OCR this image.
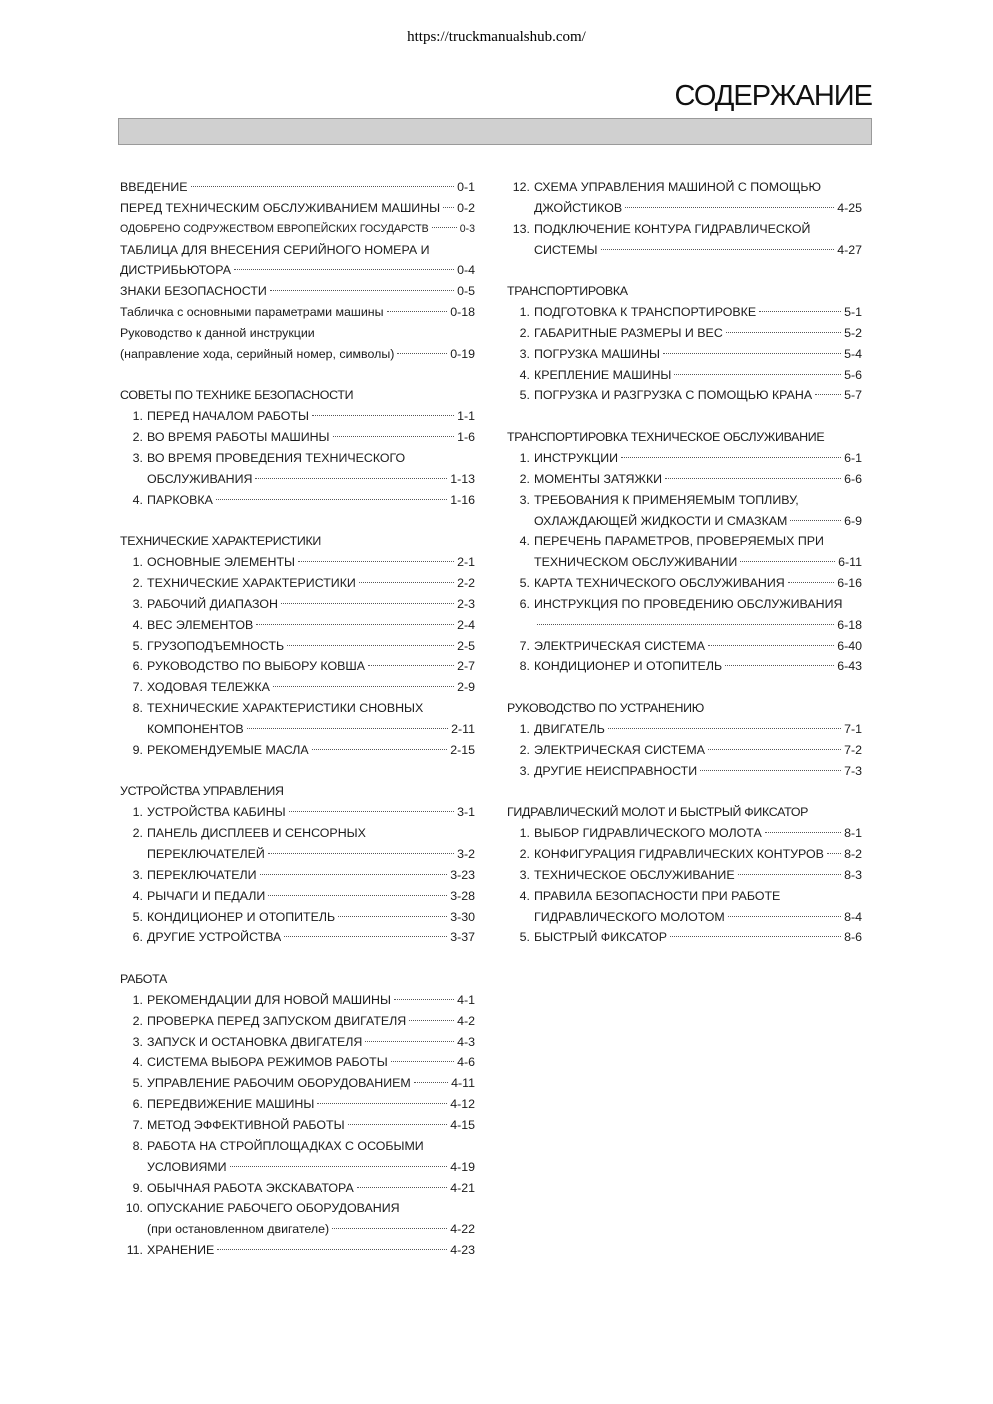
https://truckmanualshub.com/
СОДЕРЖАНИЕ
ВВЕДЕНИЕ	0-1
ПЕРЕД ТЕХНИЧЕСКИМ ОБСЛУЖИВАНИЕМ МАШИНЫ 0-2
ОДОБРЕНО СОДРУЖЕСТВОМ ЕВРОПЕЙСКИХ ГОСУДАРСТВ	0-3
ТАБЛИЦА ДЛЯ ВНЕСЕНИЯ СЕРИЙНОГО НОМЕРА И
ДИСТРИБЬЮТОРА	0-4
ЗНАКИ БЕЗОПАСНОСТИ	0-5
Табличка с основными параметрами машины	0-18
Руководство к данной инструкции
(направление хода, серийный номер, символы)	0-19
СОВЕТЫ ПО ТЕХНИКЕ БЕЗОПАСНОСТИ
1. ПЕРЕД НАЧАЛОМ РАБОТЫ	1-1
2. ВО ВРЕМЯ РАБОТЫ МАШИНЫ	1-6
3. ВО ВРЕМЯ ПРОВЕДЕНИЯ ТЕХНИЧЕСКОГО
ОБСЛУЖИВАНИЯ	1-13
4. ПАРКОВКА	1-16
ТЕХНИЧЕСКИЕ ХАРАКТЕРИСТИКИ
1. ОСНОВНЫЕ ЭЛЕМЕНТЫ	2-1
2. ТЕХНИЧЕСКИЕ ХАРАКТЕРИСТИКИ	2-2
3. РАБОЧИЙ ДИАПАЗОН	2-3
4. ВЕС ЭЛЕМЕНТОВ	2-4
5. ГРУЗОПОДЪЕМНОСТЬ	2-5
6. РУКОВОДСТВО ПО ВЫБОРУ КОВША	2-7
7. ХОДОВАЯ ТЕЛЕЖКА	2-9
8. ТЕХНИЧЕСКИЕ ХАРАКТЕРИСТИКИ СНОВНЫХ
КОМПОНЕНТОВ	2-11
9. РЕКОМЕНДУЕМЫЕ МАСЛА	2-15
УСТРОЙСТВА УПРАВЛЕНИЯ
1. УСТРОЙСТВА КАБИНЫ	3-1
2. ПАНЕЛЬ ДИСПЛЕЕВ И СЕНСОРНЫХ
ПЕРЕКЛЮЧАТЕЛЕЙ	3-2
3. ПЕРЕКЛЮЧАТЕЛИ	3-23
4. РЫЧАГИ И ПЕДАЛИ	3-28
5. КОНДИЦИОНЕР И ОТОПИТЕЛЬ	3-30
6. ДРУГИЕ УСТРОЙСТВА	3-37
РАБОТА
1. РЕКОМЕНДАЦИИ ДЛЯ НОВОЙ МАШИНЫ	4-1
2. ПРОВЕРКА ПЕРЕД ЗАПУСКОМ ДВИГАТЕЛЯ	4-2
3. ЗАПУСК И ОСТАНОВКА ДВИГАТЕЛЯ	4-3
4. СИСТЕМА ВЫБОРА РЕЖИМОВ РАБОТЫ	4-6
5. УПРАВЛЕНИЕ РАБОЧИМ ОБОРУДОВАНИЕМ	4-11
6. ПЕРЕДВИЖЕНИЕ МАШИНЫ	4-12
7. МЕТОД ЭФФЕКТИВНОЙ РАБОТЫ	4-15
8. РАБОТА НА СТРОЙПЛОЩАДКАХ С ОСОБЫМИ
УСЛОВИЯМИ	4-19
9. ОБЫЧНАЯ РАБОТА ЭКСКАВАТОРА	4-21
10. ОПУСКАНИЕ РАБОЧЕГО ОБОРУДОВАНИЯ
(при остановленном двигателе)	4-22
11. ХРАНЕНИЕ	4-23
12. СХЕМА УПРАВЛЕНИЯ МАШИНОЙ С ПОМОЩЬЮ
ДЖОЙСТИКОВ	4-25
13. ПОДКЛЮЧЕНИЕ КОНТУРА ГИДРАВЛИЧЕСКОЙ
СИСТЕМЫ	4-27
ТРАНСПОРТИРОВКА
1. ПОДГОТОВКА К ТРАНСПОРТИРОВКЕ	5-1
2. ГАБАРИТНЫЕ РАЗМЕРЫ И ВЕС	5-2
3. ПОГРУЗКА МАШИНЫ	5-4
4. КРЕПЛЕНИЕ МАШИНЫ	5-6
5. ПОГРУЗКА И РАЗГРУЗКА С ПОМОЩЬЮ КРАНА	5-7
ТРАНСПОРТИРОВКА ТЕХНИЧЕСКОЕ ОБСЛУЖИВАНИЕ
1. ИНСТРУКЦИИ	6-1
2. МОМЕНТЫ ЗАТЯЖКИ	6-6
3. ТРЕБОВАНИЯ К ПРИМЕНЯЕМЫМ ТОПЛИВУ,
ОХЛАЖДАЮЩЕЙ ЖИДКОСТИ И СМАЗКАМ	6-9
4. ПЕРЕЧЕНЬ ПАРАМЕТРОВ, ПРОВЕРЯЕМЫХ ПРИ
ТЕХНИЧЕСКОМ ОБСЛУЖИВАНИИ	6-11
5. КАРТА ТЕХНИЧЕСКОГО ОБСЛУЖИВАНИЯ	6-16
6. ИНСТРУКЦИЯ ПО ПРОВЕДЕНИЮ ОБСЛУЖИВАНИЯ
6-18
7. ЭЛЕКТРИЧЕСКАЯ СИСТЕМА	6-40
8. КОНДИЦИОНЕР И ОТОПИТЕЛЬ	6-43
РУКОВОДСТВО ПО УСТРАНЕНИЮ
1. ДВИГАТЕЛЬ	7-1
2. ЭЛЕКТРИЧЕСКАЯ СИСТЕМА	7-2
3. ДРУГИЕ НЕИСПРАВНОСТИ	7-3
ГИДРАВЛИЧЕСКИЙ МОЛОТ И БЫСТРЫЙ ФИКСАТОР
1. ВЫБОР ГИДРАВЛИЧЕСКОГО МОЛОТА	8-1
2. КОНФИГУРАЦИЯ ГИДРАВЛИЧЕСКИХ КОНТУРОВ 8-2
3. ТЕХНИЧЕСКОЕ ОБСЛУЖИВАНИЕ	8-3
4. ПРАВИЛА БЕЗОПАСНОСТИ ПРИ РАБОТЕ
ГИДРАВЛИЧЕСКОГО МОЛОТОМ	8-4
5. БЫСТРЫЙ ФИКСАТОР	8-6
